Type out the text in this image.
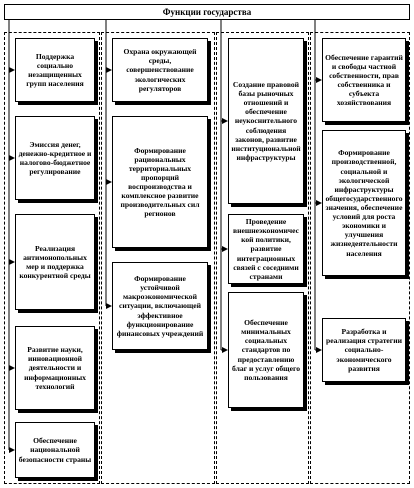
Функции государства
Поддержка социально незащищенных групп населения
Эмиссия денег, денежно-кредитное и налогово-бюджетное регулирование
Реализация антимонопольных мер и поддержка конкурентной среды
Развитие науки, инновационной деятельности и информационных технологий
Обеспечение национальной безопасности страны
Охрана окружающей среды, совершенствование экологических регуляторов
Формирование рациональных территориальных пропорций воспроизводства и комплексное развитие производительных сил регионов
Формирование устойчивой макроэкономической ситуации, включающей эффективное функционирование финансовых учреждений
Создание правовой базы рыночных отношений и обеспечение неукоснительного соблюдения законов, развитие институциональной инфраструктуры
Проведение внешнеэкономической политики, развитие интеграционных связей с соседними странами
Обеспечение минимальных социальных стандартов по предоставлению благ и услуг общего пользования
Обеспечение гарантий и свободы частной собственности, прав собственника и субъекта хозяйствования
Формирование производственной, социальной и экологической инфраструктуры общегосударственного значения, обеспечение условий для роста экономики и улучшения жизнедеятельности населения
Разработка и реализация стратегии социально-экономического развития
